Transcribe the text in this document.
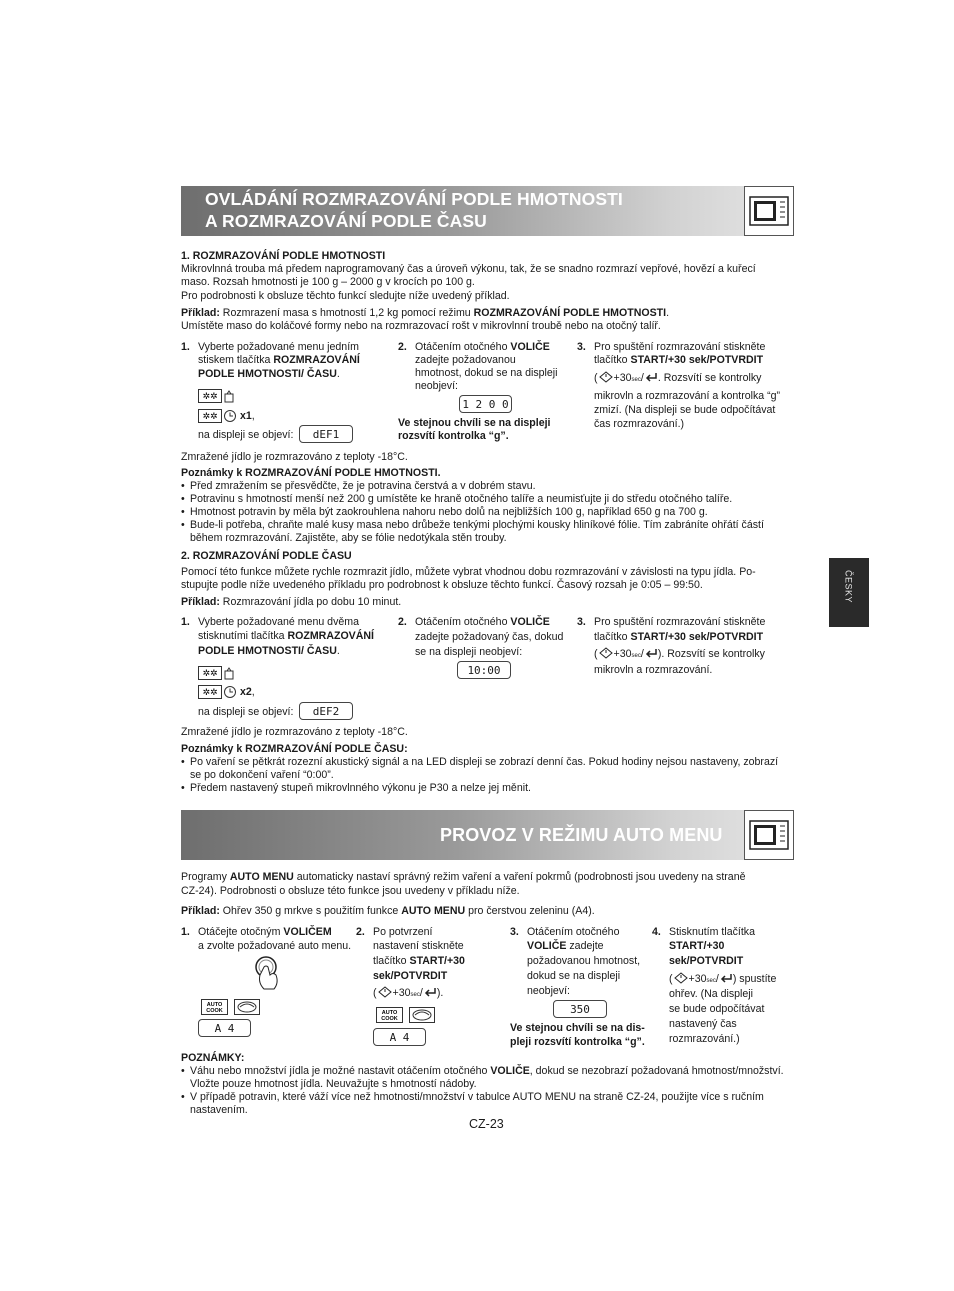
OVLÁDÁNÍ ROZMRAZOVÁNÍ PODLE HMOTNOSTI
A ROZMRAZOVÁNÍ PODLE ČASU
1. ROZMRAZOVÁNÍ PODLE HMOTNOSTI
Mikrovlnná trouba má předem naprogramovaný čas a úroveň výkonu, tak, že se snadno rozmrazí vepřové, hovězí a kuřecí
maso. Rozsah hmotnosti je 100 g – 2000 g v krocích po 100 g.
Pro podrobnosti k obsluze těchto funkcí sledujte níže uvedený příklad.
Příklad: Rozmrazení masa s hmotností 1,2 kg pomocí režimu ROZMRAZOVÁNÍ PODLE HMOTNOSTI.
Umístěte maso do koláčové formy nebo na rozmrazovací rošt v mikrovlnní troubě nebo na otočný talíř.
1. Vyberte požadované menu jedním
stiskem tlačítka ROZMRAZOVÁNÍ
PODLE HMOTNOSTI/ ČASU.
✲✲
✲✲ x1,
na displeji se objeví:	dEF1
2. Otáčením otočného VOLIČE
zadejte požadovanou
hmotnost, dokud se na displeji
neobjeví:
1 2 0 0
Ve stejnou chvíli se na displeji
rozsvítí kontrolka “g”.
3. Pro spuštění rozmrazování stiskněte
tlačítko START/+30 sek/POTVRDIT
( +30sec/ . Rozsvítí se kontrolky
mikrovln a rozmrazování a kontrolka “g”
zmizí. (Na displeji se bude odpočítávat
čas rozmrazování.)
Zmražené jídlo je rozmrazováno z teploty -18°C.
Poznámky k ROZMRAZOVÁNÍ PODLE HMOTNOSTI.
• Před zmražením se přesvědčte, že je potravina čerstvá a v dobrém stavu.
• Potravinu s hmotností menší než 200 g umístěte ke hraně otočného talíře a neumisťujte ji do středu otočného talíře.
• Hmotnost potravin by měla být zaokrouhlena nahoru nebo dolů na nejbližších 100 g, například 650 g na 700 g.
• Bude-li potřeba, chraňte malé kusy masa nebo drůbeže tenkými plochými kousky hliníkové fólie. Tím zabráníte ohřátí částí
během rozmrazování. Zajistěte, aby se fólie nedotýkala stěn trouby.
2. ROZMRAZOVÁNÍ PODLE ČASU
Pomocí této funkce můžete rychle rozmrazit jídlo, můžete vybrat vhodnou dobu rozmrazování v závislosti na typu jídla. Po-
stupujte podle níže uvedeného příkladu pro podrobnost k obsluze těchto funkcí. Časový rozsah je 0:05 – 99:50.
Příklad: Rozmrazování jídla po dobu 10 minut.
1. Vyberte požadované menu dvěma
stisknutími tlačítka ROZMRAZOVÁNÍ
PODLE HMOTNOSTI/ ČASU.
✲✲
✲✲ x2,
na displeji se objeví:	dEF2
2. Otáčením otočného VOLIČE
zadejte požadovaný čas, dokud
se na displeji neobjeví:
10:00
3. Pro spuštění rozmrazování stiskněte
tlačítko START/+30 sek/POTVRDIT
( +30sec/ ). Rozsvítí se kontrolky
mikrovln a rozmrazování.
Zmražené jídlo je rozmrazováno z teploty -18°C.
Poznámky k ROZMRAZOVÁNÍ PODLE ČASU:
• Po vaření se pětkrát rozezní akustický signál a na LED displeji se zobrazí denní čas. Pokud hodiny nejsou nastaveny, zobrazí
se po dokončení vaření “0:00”.
• Předem nastavený stupeň mikrovlnného výkonu je P30 a nelze jej měnit.
ČESKY
PROVOZ V REŽIMU AUTO MENU
Programy AUTO MENU automaticky nastaví správný režim vaření a vaření pokrmů (podrobnosti jsou uvedeny na straně
CZ-24). Podrobnosti o obsluze této funkce jsou uvedeny v příkladu níže.
Příklad: Ohřev 350 g mrkve s použitím funkce AUTO MENU pro čerstvou zeleninu (A4).
1. Otáčejte otočným VOLIČEM
a zvolte požadované auto menu.
AUTO
COOK
A 4
2. Po potvrzení
nastavení stiskněte
tlačítko START/+30
sek/POTVRDIT
( +30sec/ ).
AUTO
COOK
A 4
3. Otáčením otočného
VOLIČE zadejte
požadovanou hmotnost,
dokud se na displeji
neobjeví:
350
Ve stejnou chvíli se na dis-
pleji rozsvítí kontrolka “g”.
4. Stisknutím tlačítka
START/+30
sek/POTVRDIT
( +30sec/ ) spustíte
ohřev. (Na displeji
se bude odpočítávat
nastavený čas
rozmrazování.)
POZNÁMKY:
• Váhu nebo množství jídla je možné nastavit otáčením otočného VOLIČE, dokud se nezobrazí požadovaná hmotnost/množství.
Vložte pouze hmotnost jídla. Neuvažujte s hmotností nádoby.
• V případě potravin, které váží více než hmotnosti/množství v tabulce AUTO MENU na straně CZ-24, použijte více s ručním
nastavením.
CZ-23
